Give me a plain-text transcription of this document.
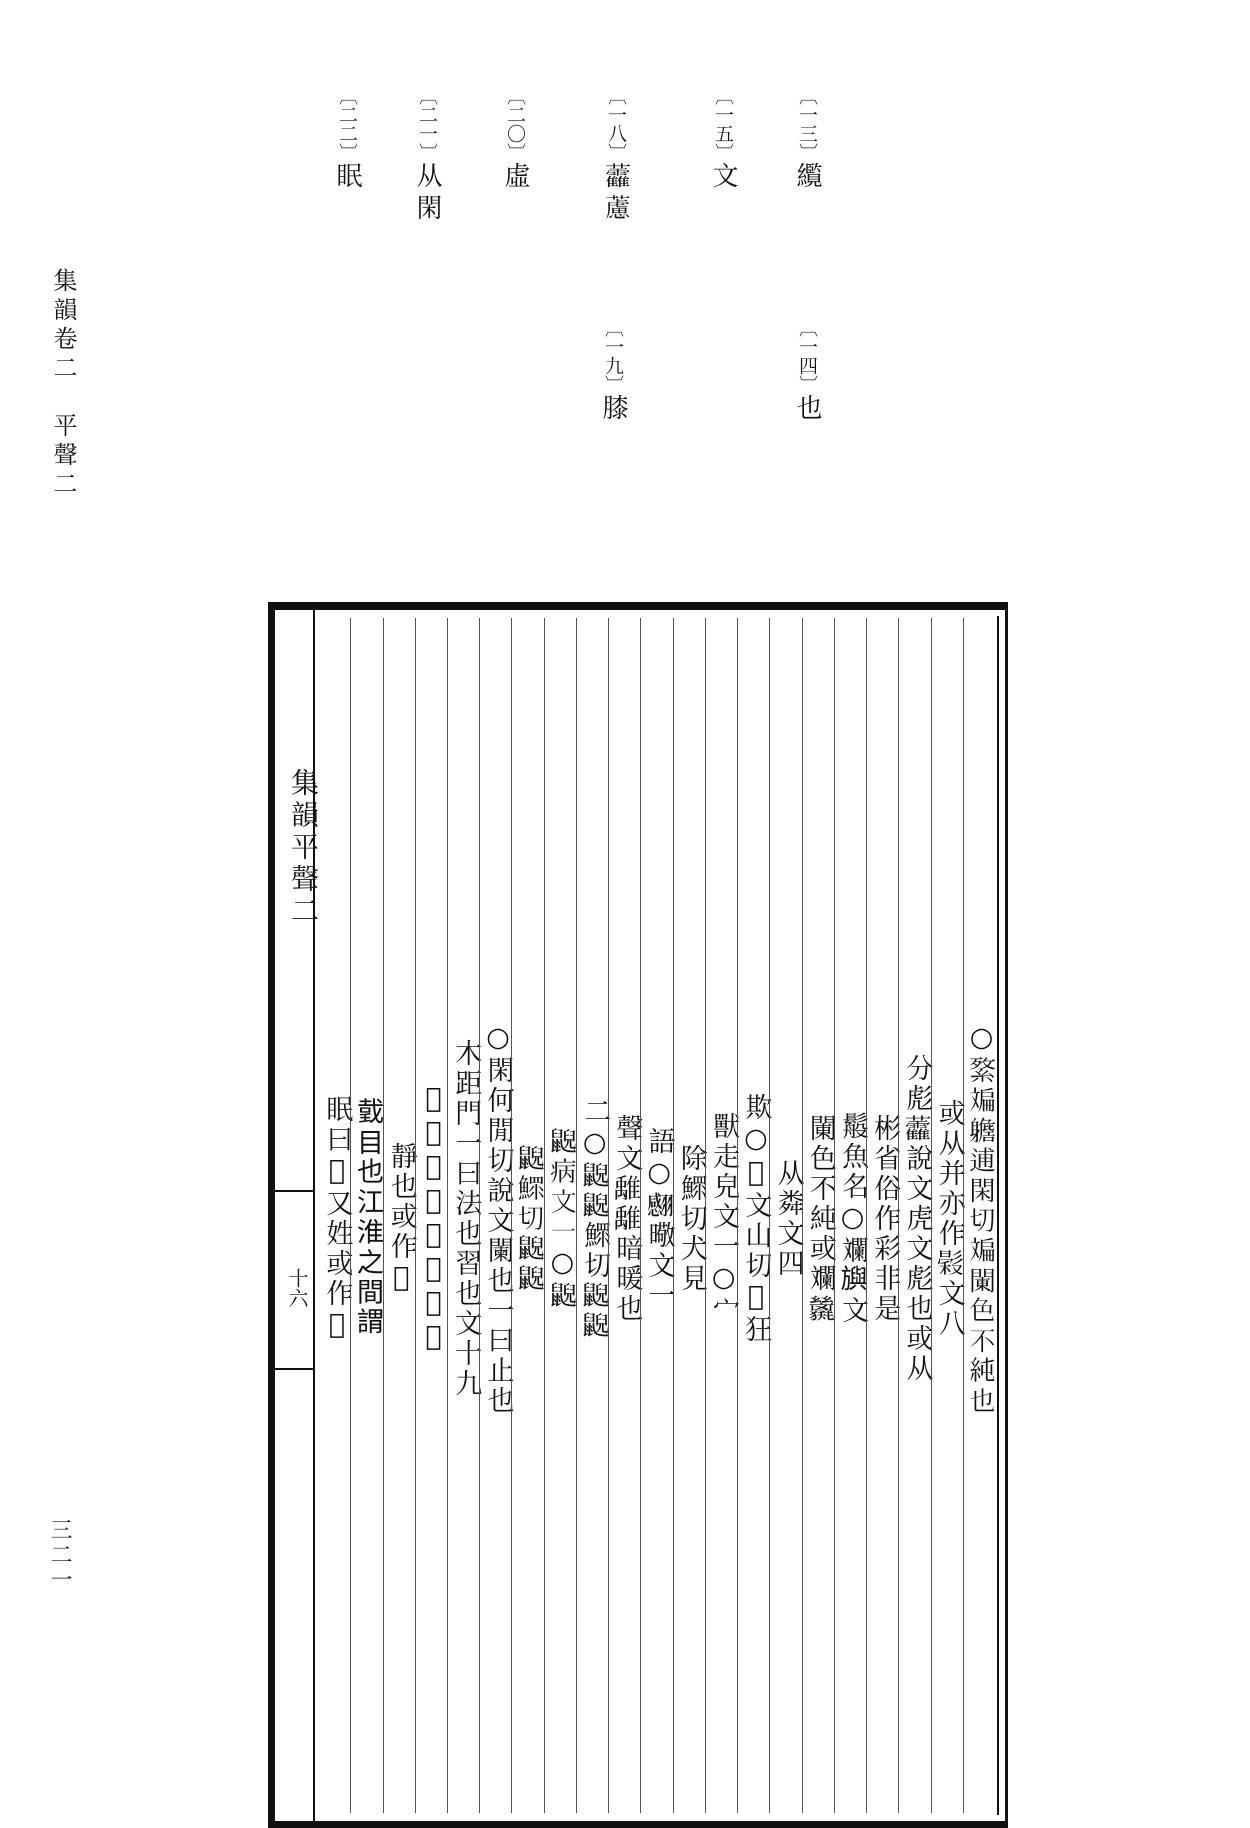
集韻卷二　平聲二
三二一
〔一三〕䌫
〔一四〕也
〔一五〕文
〔一八〕𧆑藘
〔一九〕膝
〔二〇〕虛
〔二一〕从閑
〔二二〕眠
集韻平聲二
十六	○𦁘斒𨊗逋閑切斒䦨色不純也
或从并亦作𢒳文八
分彪𧆑說文虎文彪也或从
彬省俗作彩非是
䰉魚名○斕𣄣文
䦨色不純或斕𢇖
从粦文四
欺○𤝋文山切𤝋狂
獸走皃文一○宀
除鰥切犬見
語○𦒝曔文一
聲文𩀌𩀌暗暖也
二○𪕨𪕨鰥切𪕨𪕨
𪕨病文一○𪕨
𪕨鰥切𪕨𪕨
○閑何閒切說文闌也一曰止也
木距門一曰法也習也文十九
𢘝𢘝說文愉也一曰
靜也或作𢘝
𢧜目也江淮之間謂
眠曰𥇆又姓或作𥇆
